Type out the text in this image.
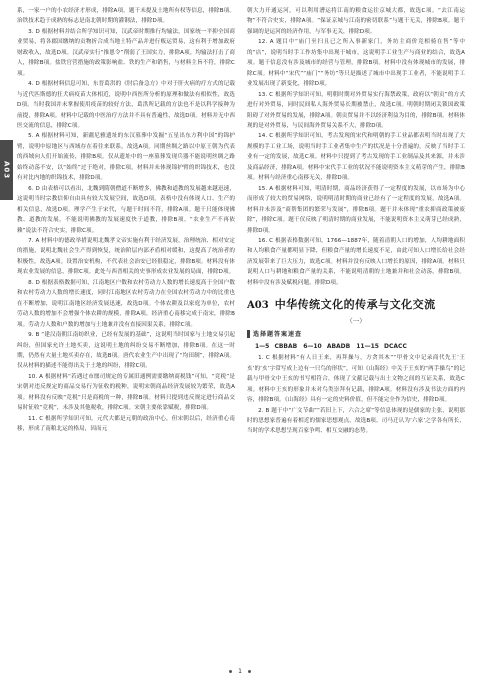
A03

系，一家一户的小农经济才形成，排除A项。题干未提及土地所有权等信息，排除B项。治铁技术趋于成熟的标志是南北朝时期的灌钢法，排除D项。

3. D 根据材料并结合所学知识可知，汉武帝时期推行均输法，国家统一平抑全国商业贸易，将各郡国缴纳的贡物折合成当地土特产品并进行贩运贸易，这有利于增加政府财政收入，故选D项。汉武帝实行“推恩令”削弱了王国实力，排除A项。均输法打击了商人，排除B项。盐铁官营措施的政策影响盐、铁的生产和销售，与材料主旨不符，排除C项。

4. D 根据材料信息可知，东晋葛洪的《肘后备急方》中对于肝火病的疗方式的记载与近代匹斯德的狂犬病疫苗大体相近，说明中西医所分析的原理和做法有相似性，故选D项。当时我国并未掌握使用疫苗的较好方法，葛洪所记载的方法也不是以科学接种为前提，排除A项。材料中记载的中医治疗方法并不具有普遍性，故选D项。材料并无中西医交流的信息，排除C项。

5. A 根据材料可知，新疆尼雅遗址的东汉墓葬中发掘“五星出东方利中国”的锦护臂，说明中原地区与西域存在着往来联系，故选A项。同期丝绸之路以中原王朝为代表的西域向人们开始流传，排除B项。仅从遗址中的一座墓葬发现兵器不能说明丝绸之路始终动荡不安，以“始终”过于绝对，排除C项。材料并未体现锦护臂的织锦技术，也没有对比内地的织锦技术，排除D项。

6. D 由表格可以看出，北魏到隋朝僧道不断增多，佛教和道教的发展越来越迅速，这说明当时宗教信仰自由具有较大发展空间，故选D项。表格中没有体现人口、生产的相关信息，故选D项。理学产生于宋代，与题干时间不符，排除A项。题干只能体现佛教、道教的发展，不能说明佛教的发展速度快于道教，排除B项。“农业生产不再依赖”说法不符合史实，排除C项。

7. A 材料中的德政举措说明北魏孝文帝实施有利于经济发展，治理统治、相对安定的措施，说明北魏社会生产得到恢复，统治阶层内部矛盾相对缓和，这提高了统治者的积极性，故选A项。设置治安机构，不代表社会治安已经很稳定，排除B项。材料没有体现农业发展的信息，排除C项。此处与西晋相关的史事形成农业发展的局面，排除D项。

8. D 根据表格数据可知，江南地区户数和农村劳动力人数的增长速度高于全国户数和农村劳动力人数的增长速度，同时江南地区农村劳动力在全国农村劳动力中的比重也在不断增加，说明江南地区经济发展迅速，故选D项。个体农耕及以家庭为单位，农村劳动人数的增加不会增强个体农耕的规模，排除A项。经济重心南移完成于南宋，排除B项。劳动力人数和户数的增加与土地兼并没有直接因果关系，排除C项。

9. B “建汉南朝江南纺织业，已经有发展的基础”，这说明当时国家与土地交易引起纠纷，但国家允许土地买卖，这说明土地的纠纷交易不断增加，排除B项。在这一时期，仍然有大量土地买卖存在，故选B项。唐代农业生产中出现了“均田制”，排除A项。仅从材料的描述不能得出关于土地的纠纷，排除C项。

10. A 根据材料“若遇过市廛司规定的专属旧通例需要缴纳商税钱”可知，“竞税”是宋朝对违反规定的商品交易行为征收的税种，说明宋朝商品经济发展较为繁荣，故选A项。材料没有反映“竞税”只是商税的一种，排除B项。材料只提到违反规定进行商品交易时征收“竞税”，未涉及其他税收，排除C项。宋朝主要依靠赋税，排除D项。

11. C 根据所学知识可知，元代大都是元朝的政治中心，但宋朝以后，经济重心南移，形成了南粮北运的格局，因而元

朝大力开通运河，可以利用漕运将江南的粮食运往京城大都，故选C项。“去江南运物”不符合史实，排除A项。“保证京城与江南的密切联系”与题干无关，排除B项。题干强调的是运河的经济作用，与军事无关，排除D项。

12. A 题目中“庙门至扫且已之所入事新家门，务坊主商价竞相骑在售”等中的“店”，说明当时手工作坊集中出现于城市，这说明手工业生产与商业的结合，故选A项。题干信息没有涉及城市的经营与管理，排除B项。材料中没有体现城市的发展，排除C项。材料中“宋代”“庙门”“务坊”等只是描述了城市中出现手工业者，不能说明手工业发展出现了新变化，排除D项。

13. C 根据所学知识可知，明朝时期对外贸易实行海禁政策，政府以“朝贡”的方式进行对外贸易，同时民间私人海外贸易长期被禁止，故选C项。明朝时期闭关锁国政策阻碍了对外贸易的发展，排除A项。朝贡贸易并不以经济利益为目的，排除B项。材料体现的是对外贸易，与民间海外贸易关系不大，排除D项。

14. C 根据所学知识可知，考古发现的宋代和明朝的手工业品都表明当时出现了大规模的手工业工场，说明当时手工业者集中生产的状况是十分普遍的，反映了当时手工业有一定的发展，故选C项。材料中只提到了考古发现的手工业制品及其来源，并未涉及商品经济，排除A项。材料中宋代手工业的状况不能说明资本主义萌芽的产生，排除B项。材料与经济重心南移无关，排除D项。

15. A 根据材料可知，明清时期，商品经济获得了一定程度的发展，以市场为中心而形成了较大的贸易网络，说明明清时期的商业已经有了一定程度的发展，故选A项。材料并未涉及“商帮集团的繁荣与发展”，排除B项。题干并未体现“重农抑商政策被废除”，排除C项。题干仅反映了明清时期的商业发展，不能说明资本主义萌芽已经成熟，排除D项。

16. C 根据表格数据可知，1766—1887年，随着清朝人口的增加，人均耕地面积和人均粮食产量都明显下降，但粮食产量的增长速度不足，由此可知人口增长给社会经济发展带来了巨大压力，故选C项。材料并没有反映人口增长的原因，排除A项。材料只说明人口与耕地和粮食产量的关系，不能说明清朝的土地兼并和社会动荡，排除B项。材料中没有涉及赋税问题，排除D项。

A03 中华传统文化的传承与文化交流
（一）
选择题答案速查
1—5 CBBAB　6—10 ABADB　11—15 DCACC

1. C 根据材料“有人日王来，再拜操与，方贪其木”“甲骨文中记录商代先王‘王亥’的‘亥’字常写成上边有一只鸟的形状”，可知《山海经》中关于王亥的“两手操鸟”的记载与甲骨文中王亥的书写相符合，体现了文献记载与出土文物之间的互证关系，故选C项。材料中王亥的形象并未对鸟类崇拜有记载，排除A项。材料没有涉及书法方面的内容，排除B项。《山海经》具有一定的史料价值，但不能完全作为信史，排除D项。

2. B 题干中“广文节曲”“若旧上下，六合之席”等信息体现的是儒家的主张，说明那时的思想家普遍有着相近的儒家思想观点，故选B项。司马迁认为‘六家’之学各有所长，当时的学术思想呈现百家争鸣、相互交融的态势。

1
